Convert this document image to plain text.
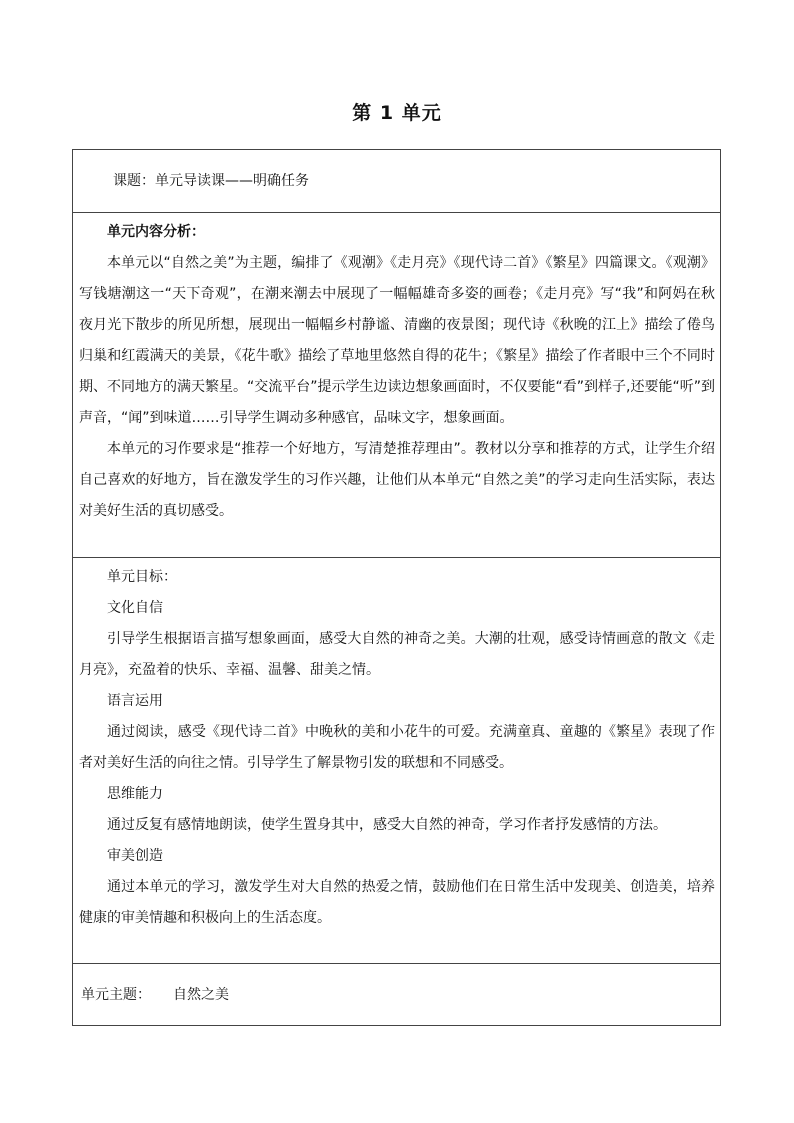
第 1 单元
课题：单元导读课——明确任务

单元内容分析：

本单元以“自然之美”为主题，编排了《观潮》《走月亮》《现代诗二首》《繁星》四篇课文。《观潮》写钱塘潮这一“天下奇观”，在潮来潮去中展现了一幅幅雄奇多姿的画卷；《走月亮》写“我”和阿妈在秋夜月光下散步的所见所想，展现出一幅幅乡村静谧、清幽的夜景图；现代诗《秋晚的江上》描绘了倦鸟归巢和红霞满天的美景，《花牛歌》描绘了草地里悠然自得的花牛；《繁星》描绘了作者眼中三个不同时期、不同地方的满天繁星。“交流平台”提示学生边读边想象画面时，不仅要能“看”到样子,还要能“听”到声音，“闻”到味道……引导学生调动多种感官，品味文字，想象画面。

本单元的习作要求是“推荐一个好地方，写清楚推荐理由”。教材以分享和推荐的方式，让学生介绍自己喜欢的好地方，旨在激发学生的习作兴趣，让他们从本单元“自然之美”的学习走向生活实际，表达对美好生活的真切感受。

单元目标：

文化自信

引导学生根据语言描写想象画面，感受大自然的神奇之美。大潮的壮观，感受诗情画意的散文《走月亮》，充盈着的快乐、幸福、温馨、甜美之情。

语言运用

通过阅读，感受《现代诗二首》中晚秋的美和小花牛的可爱。充满童真、童趣的《繁星》表现了作者对美好生活的向往之情。引导学生了解景物引发的联想和不同感受。

思维能力

通过反复有感情地朗读，使学生置身其中，感受大自然的神奇，学习作者抒发感情的方法。

审美创造

通过本单元的学习，激发学生对大自然的热爱之情，鼓励他们在日常生活中发现美、创造美，培养健康的审美情趣和积极向上的生活态度。

单元主题： 自然之美
